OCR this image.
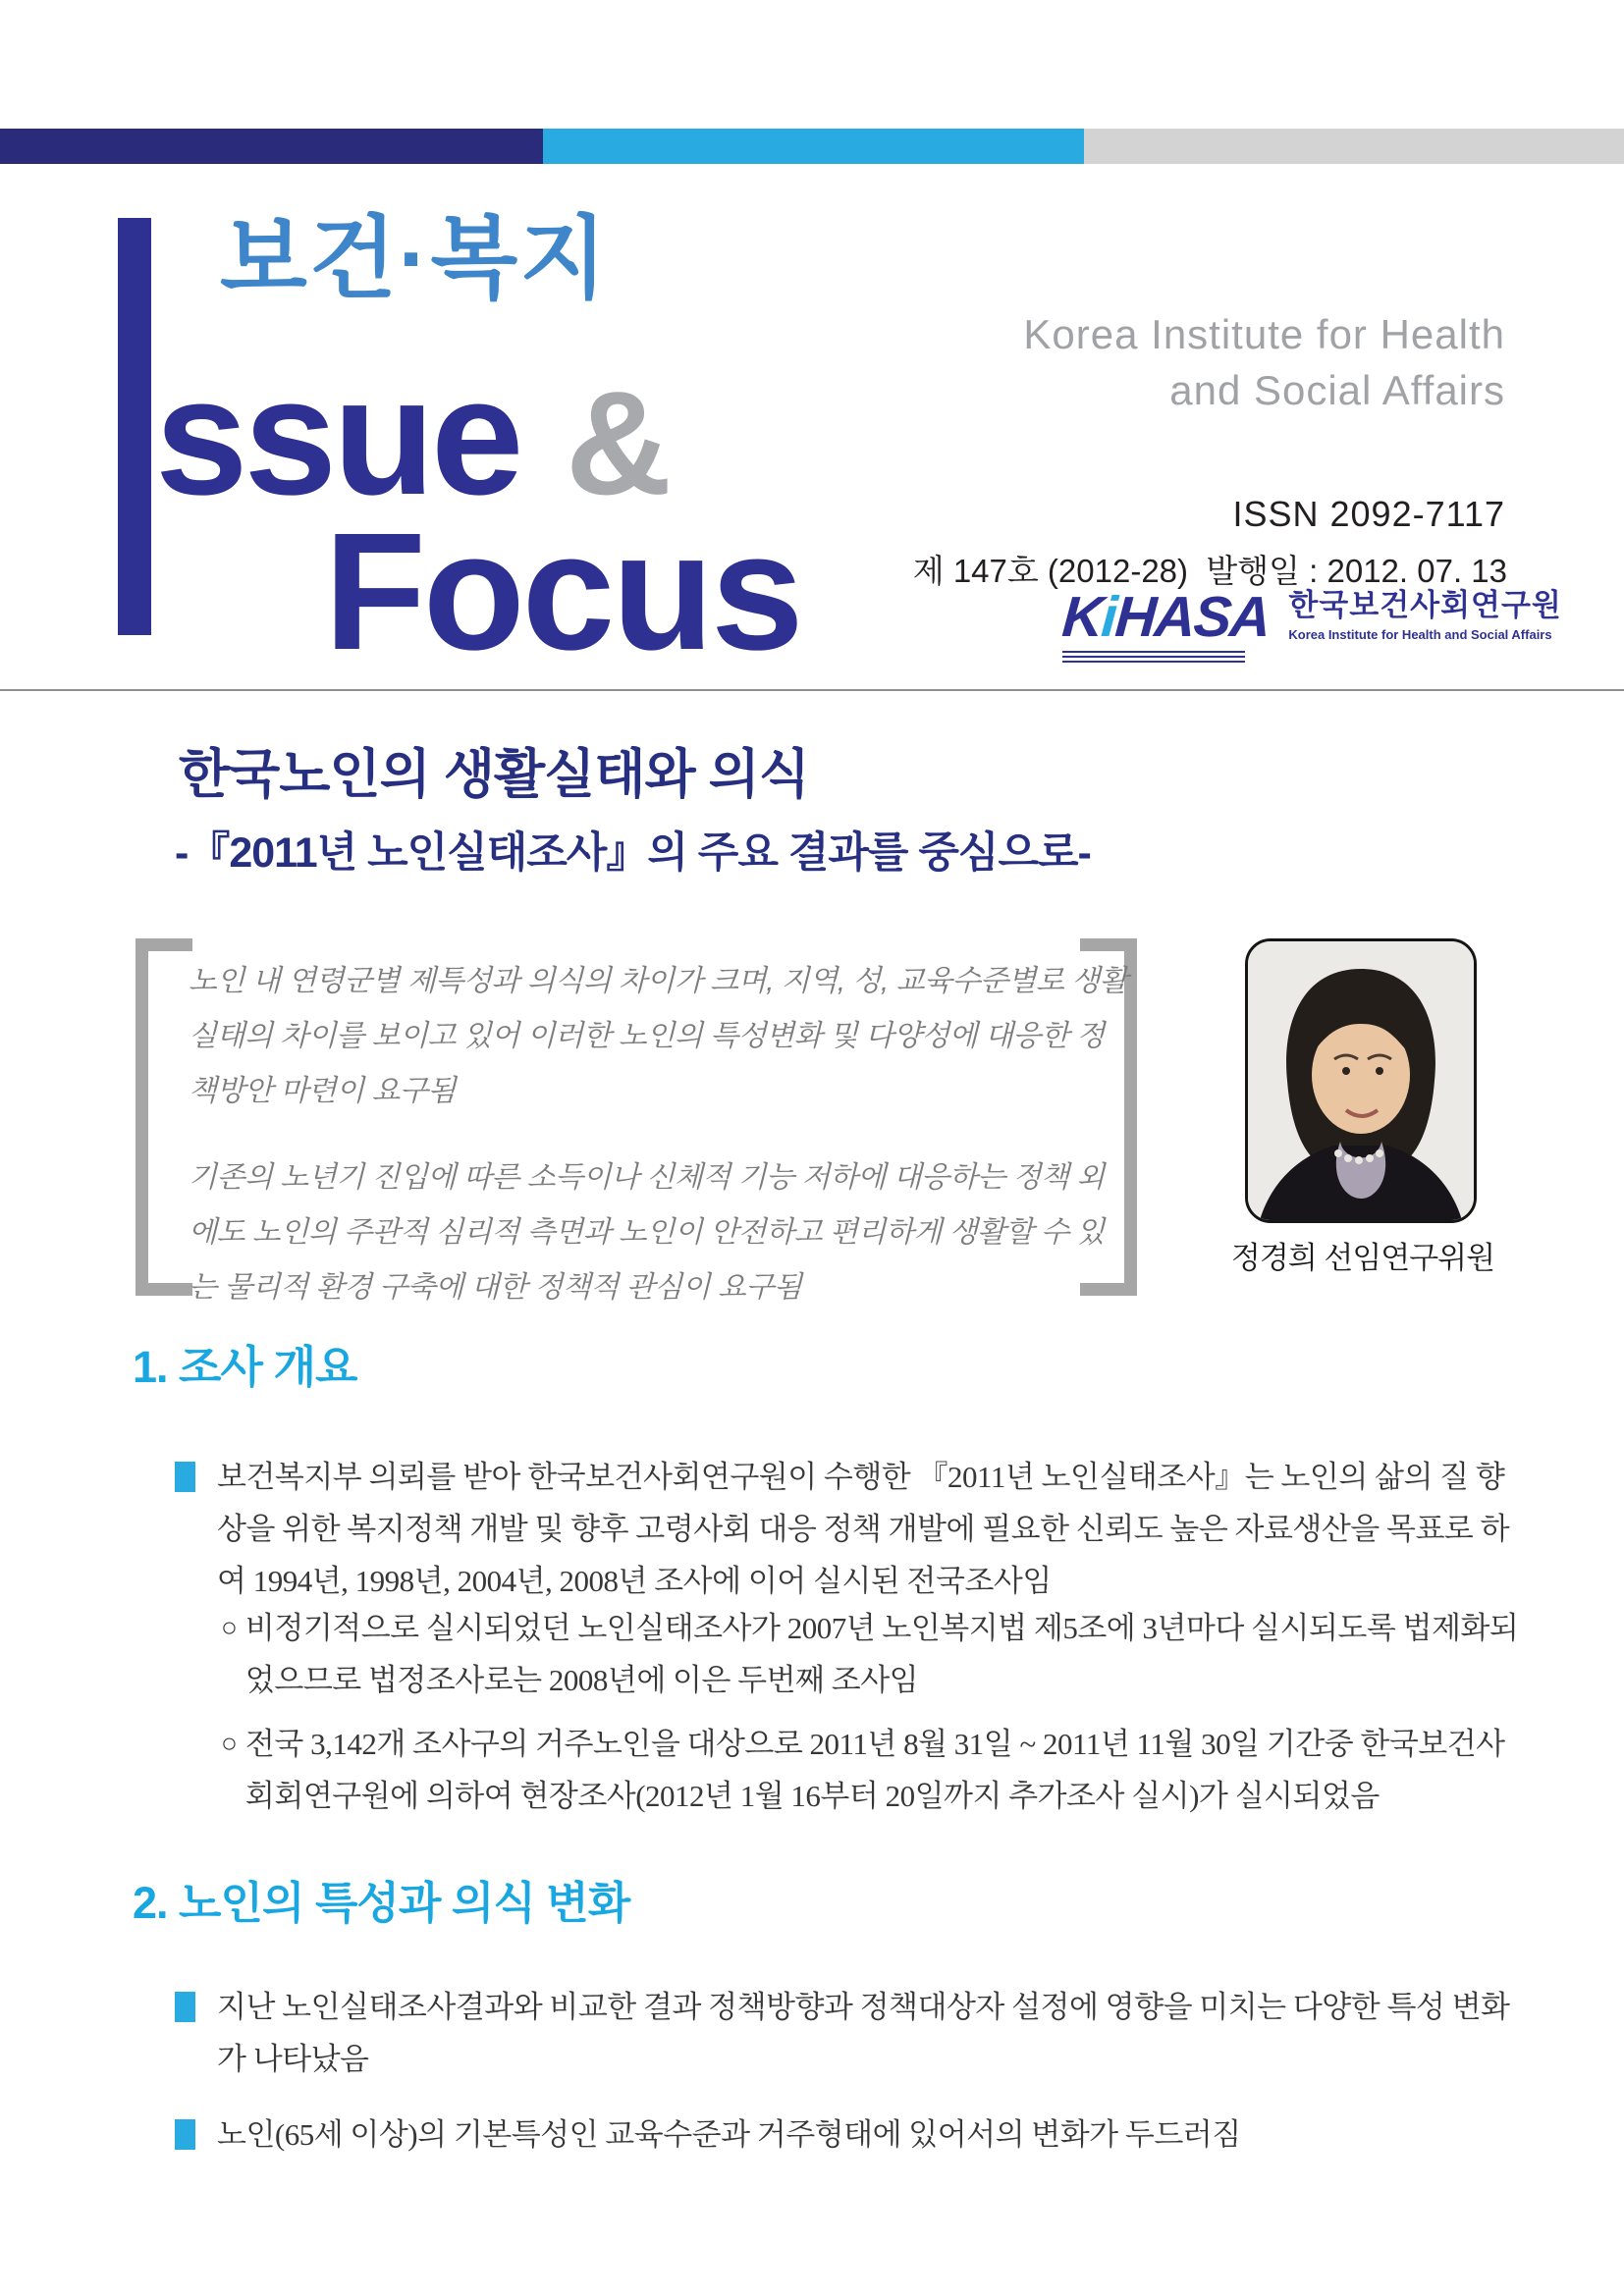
보건·복지
ssue &
Focus
Korea Institute for Health
and Social Affairs
ISSN 2092-7117
제 147호 (2012-28)  발행일 : 2012. 07. 13
KiHASA 한국보건사회연구원
Korea Institute for Health and Social Affairs
한국노인의 생활실태와 의식
-『2011년 노인실태조사』의 주요 결과를 중심으로-

노인 내 연령군별 제특성과 의식의 차이가 크며, 지역, 성, 교육수준별로 생활실태의 차이를 보이고 있어 이러한 노인의 특성변화 및 다양성에 대응한 정책방안 마련이 요구됨

기존의 노년기 진입에 따른 소득이나 신체적 기능 저하에 대응하는 정책 외에도 노인의 주관적 심리적 측면과 노인이 안전하고 편리하게 생활할 수 있는 물리적 환경 구축에 대한 정책적 관심이 요구됨

정경희 선임연구위원
1. 조사 개요

보건복지부 의뢰를 받아 한국보건사회연구원이 수행한 『2011년 노인실태조사』는 노인의 삶의 질 향상을 위한 복지정책 개발 및 향후 고령사회 대응 정책 개발에 필요한 신뢰도 높은 자료생산을 목표로 하여 1994년, 1998년, 2004년, 2008년 조사에 이어 실시된 전국조사임

○ 비정기적으로 실시되었던 노인실태조사가 2007년 노인복지법 제5조에 3년마다 실시되도록 법제화되었으므로 법정조사로는 2008년에 이은 두번째 조사임

○ 전국 3,142개 조사구의 거주노인을 대상으로 2011년 8월 31일 ~ 2011년 11월 30일 기간중 한국보건사회회연구원에 의하여 현장조사(2012년 1월 16부터 20일까지 추가조사 실시)가 실시되었음

2. 노인의 특성과 의식 변화

지난 노인실태조사결과와 비교한 결과 정책방향과 정책대상자 설정에 영향을 미치는 다양한 특성 변화가 나타났음

노인(65세 이상)의 기본특성인 교육수준과 거주형태에 있어서의 변화가 두드러짐
